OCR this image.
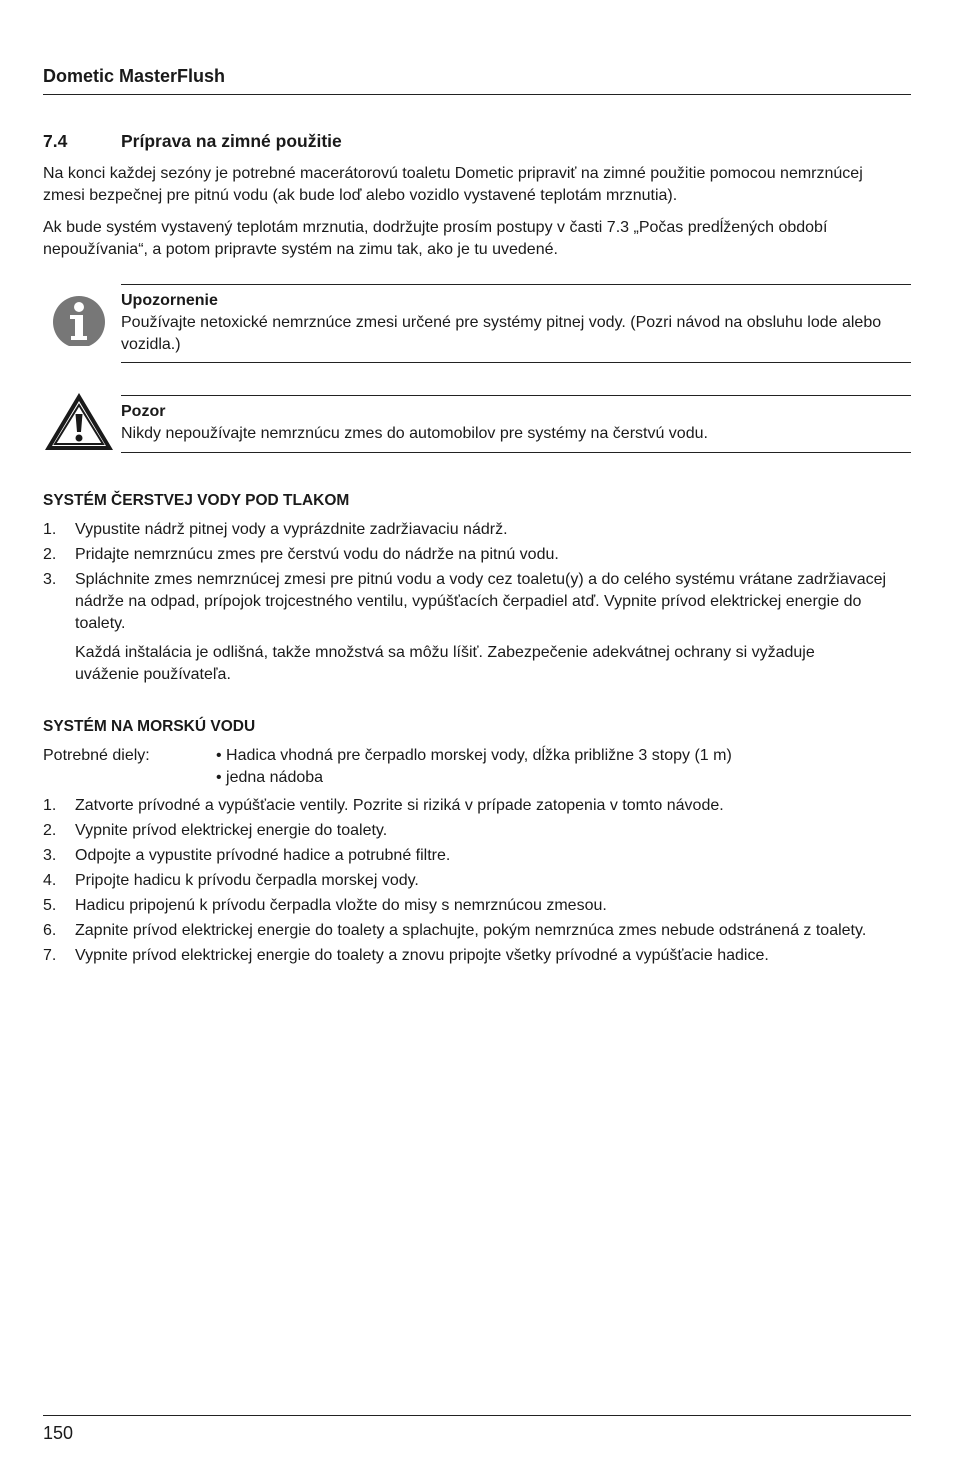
Dometic MasterFlush
7.4	Príprava na zimné použitie
Na konci každej sezóny je potrebné macerátorovú toaletu Dometic pripraviť na zimné použitie pomocou nemrznúcej zmesi bezpečnej pre pitnú vodu (ak bude loď alebo vozidlo vystavené teplotám mrznutia).
Ak bude systém vystavený teplotám mrznutia, dodržujte prosím postupy v časti 7.3 „Počas predĺžených období nepoužívania“, a potom pripravte systém na zimu tak, ako je tu uvedené.
Upozornenie
Používajte netoxické nemrznúce zmesi určené pre systémy pitnej vody. (Pozri návod na obsluhu lode alebo vozidla.)
Pozor
Nikdy nepoužívajte nemrznúcu zmes do automobilov pre systémy na čerstvú vodu.
SYSTÉM ČERSTVEJ VODY POD TLAKOM
1. Vypustite nádrž pitnej vody a vyprázdnite zadržiavaciu nádrž.
2. Pridajte nemrznúcu zmes pre čerstvú vodu do nádrže na pitnú vodu.
3. Spláchnite zmes nemrznúcej zmesi pre pitnú vodu a vody cez toaletu(y) a do celého systému vrátane zadržiavacej nádrže na odpad, prípojok trojcestného ventilu, vypúšťacích čerpadiel atď. Vypnite prívod elektrickej energie do toalety.
Každá inštalácia je odlišná, takže množstvá sa môžu líšiť. Zabezpečenie adekvátnej ochrany si vyžaduje uváženie používateľa.
SYSTÉM NA MORSKÚ VODU
Potrebné diely:	• Hadica vhodná pre čerpadlo morskej vody, dĺžka približne 3 stopy (1 m)
• jedna nádoba
1. Zatvorte prívodné a vypúšťacie ventily. Pozrite si riziká v prípade zatopenia v tomto návode.
2. Vypnite prívod elektrickej energie do toalety.
3. Odpojte a vypustite prívodné hadice a potrubné filtre.
4. Pripojte hadicu k prívodu čerpadla morskej vody.
5. Hadicu pripojenú k prívodu čerpadla vložte do misy s nemrznúcou zmesou.
6. Zapnite prívod elektrickej energie do toalety a splachujte, pokým nemrznúca zmes nebude odstránená z toalety.
7. Vypnite prívod elektrickej energie do toalety a znovu pripojte všetky prívodné a vypúšťacie hadice.
150
